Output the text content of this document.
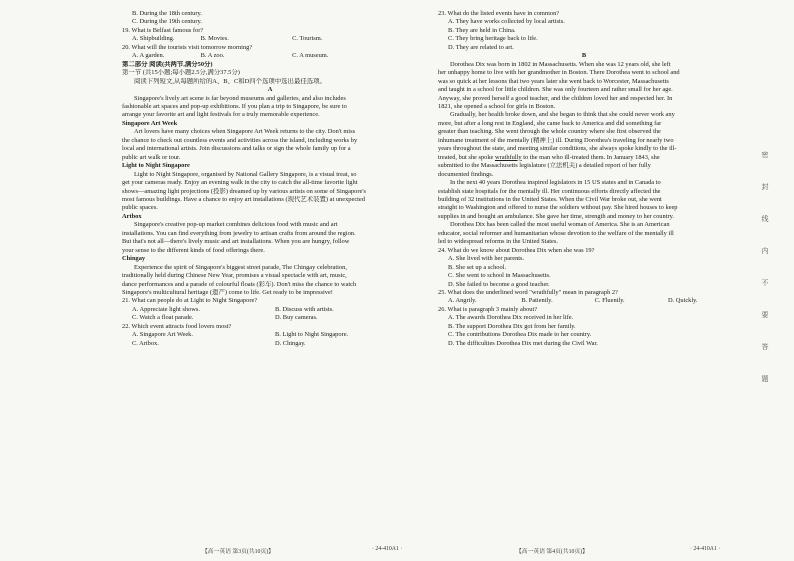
B. During the 18th century.
C. During the 19th century.
19. What is Belfast famous for?
A. Shipbuilding.	B. Movies.	C. Tourism.
20. What will the tourists visit tomorrow morning?
A. A garden.	B. A zoo.	C. A museum.
第二部分 阅读(共两节,满分50分)
第一节 (共15小题;每小题2.5分,满分37.5分)
阅读下列短文,从每题所给的A、B、C和D四个选项中选出最佳选项。
A
Singapore's lively art scene is far beyond museums and galleries, and also includes
fashionable art spaces and pop-up exhibitions. If you plan a trip to Singapore, be sure to
arrange your favorite art and light festivals for a truly memorable experience.
Singapore Art Week
Art lovers have many choices when Singapore Art Week returns to the city. Don't miss
the chance to check out countless events and activities across the island, including works by
local and international artists. Join discussions and talks or sign the whole family up for a
public art walk or tour.
Light to Night Singapore
Light to Night Singapore, organised by National Gallery Singapore, is a visual treat, so
get your cameras ready. Enjoy an evening walk in the city to catch the all-time favorite light
shows—amazing light projections (投影) dreamed up by various artists on some of Singapore's
most famous buildings. Have a chance to enjoy art installations (现代艺术装置) at unexpected
public spaces.
Artbox
Singapore's creative pop-up market combines delicious food with music and art
installations. You can find everything from jewelry to artisan crafts from around the region.
But that's not all—there's lively music and art installations. When you are hungry, follow
your sense to the different kinds of food offerings there.
Chingay
Experience the spirit of Singapore's biggest street parade, The Chingay celebration,
traditionally held during Chinese New Year, promises a visual spectacle with art, music,
dance performances and a parade of colourful floats (彩车). Don't miss the chance to watch
Singapore's multicultural heritage (遗产) come to life. Get ready to be impressive!
21. What can people do at Light to Night Singapore?
A. Appreciate light shows.	B. Discuss with artists.
C. Watch a float parade.	D. Buy cameras.
22. Which event attracts food lovers most?
A. Singapore Art Week.	B. Light to Night Singapore.
C. Artbox.	D. Chingay.
【高一英语 第3页(共10页)】	· 24-410A1 ·
23. What do the listed events have in common?
A. They have works collected by local artists.
B. They are held in China.
C. They bring heritage back to life.
D. They are related to art.
B
Dorothea Dix was born in 1802 in Massachusetts. When she was 12 years old, she left
her unhappy home to live with her grandmother in Boston. There Dorothea went to school and
was so quick at her lessons that two years later she went back to Worcester, Massachusetts
and taught in a school for little children. She was only fourteen and rather small for her age.
Anyway, she proved herself a good teacher, and the children loved her and respected her. In
1821, she opened a school for girls in Boston.
Gradually, her health broke down, and she began to think that she could never work any
more, but after a long rest in England, she came back to America and did something far
greater than teaching. She went through the whole country where she first observed the
inhumane treatment of the mentally (精神上) ill. During Dorothea's traveling for nearly two
years throughout the state, and meeting similar conditions, she always spoke kindly to the ill-
treated, but she spoke wrathfully to the man who ill-treated them. In January 1843, she
submitted to the Massachusetts legislature (立法机关) a detailed report of her fully
documented findings.
In the next 40 years Dorothea inspired legislators in 15 US states and in Canada to
establish state hospitals for the mentally ill. Her continuous efforts directly affected the
building of 32 institutions in the United States. When the Civil War broke out, she went
straight to Washington and offered to nurse the soldiers without pay. She hired houses to keep
supplies in and bought an ambulance. She gave her time, strength and money to her country.
Dorothea Dix has been called the most useful woman of America. She is an American
educator, social reformer and humanitarian whose devotion to the welfare of the mentally ill
led to widespread reforms in the United States.
24. What do we know about Dorothea Dix when she was 19?
A. She lived with her parents.
B. She set up a school.
C. She went to school in Massachusetts.
D. She failed to become a good teacher.
25. What does the underlined word "wrathfully" mean in paragraph 2?
A. Angrily.	B. Patiently.	C. Fluently.	D. Quickly.
26. What is paragraph 3 mainly about?
A. The awards Dorothea Dix received in her life.
B. The support Dorothea Dix got from her family.
C. The contributions Dorothea Dix made to her country.
D. The difficulties Dorothea Dix met during the Civil War.
【高一英语 第4页(共10页)】	· 24-410A1 ·
密
封
线
内
不
要
答
题
